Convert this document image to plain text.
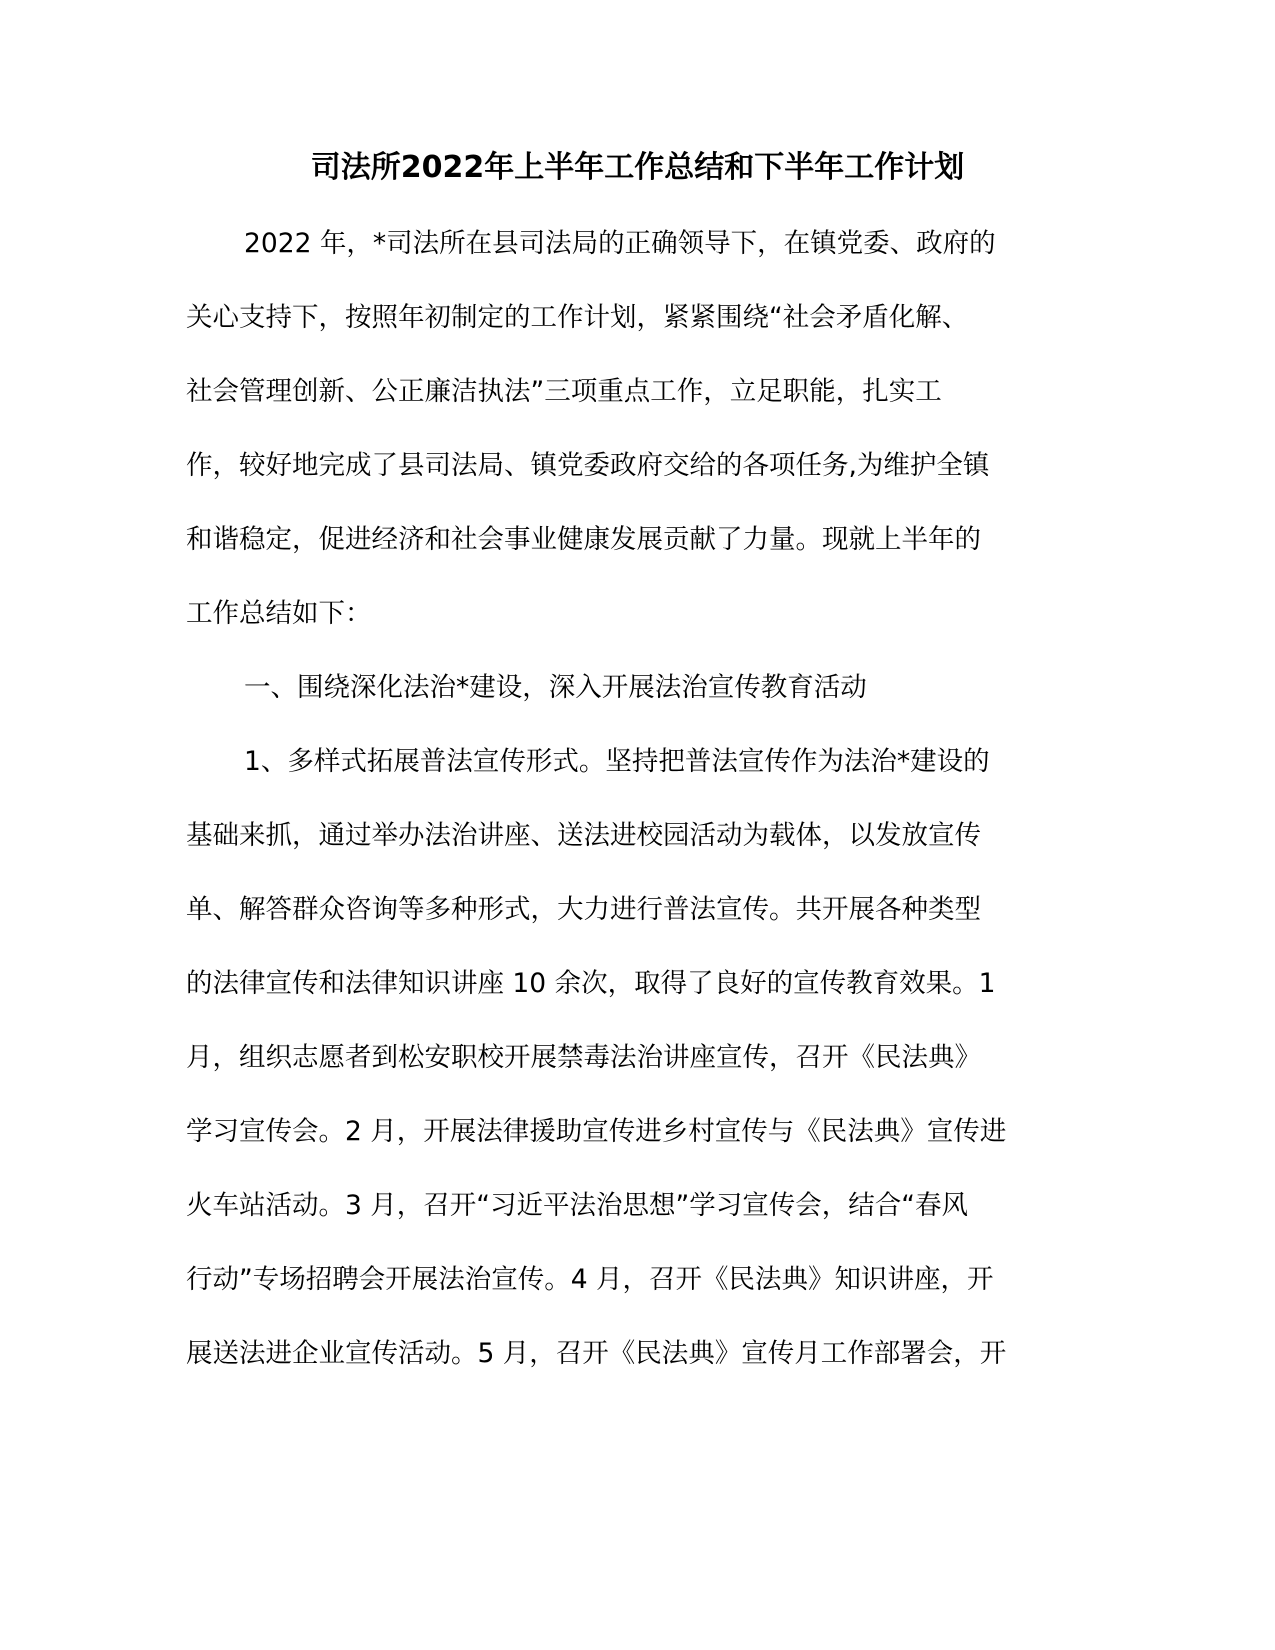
司法所2022年上半年工作总结和下半年工作计划
2022 年，*司法所在县司法局的正确领导下，在镇党委、政府的
关心支持下，按照年初制定的工作计划，紧紧围绕“社会矛盾化解、
社会管理创新、公正廉洁执法”三项重点工作，立足职能，扎实工
作，较好地完成了县司法局、镇党委政府交给的各项任务,为维护全镇
和谐稳定，促进经济和社会事业健康发展贡献了力量。现就上半年的
工作总结如下：
一、围绕深化法治*建设，深入开展法治宣传教育活动
1、多样式拓展普法宣传形式。坚持把普法宣传作为法治*建设的
基础来抓，通过举办法治讲座、送法进校园活动为载体，以发放宣传
单、解答群众咨询等多种形式，大力进行普法宣传。共开展各种类型
的法律宣传和法律知识讲座 10 余次，取得了良好的宣传教育效果。1
月，组织志愿者到松安职校开展禁毒法治讲座宣传，召开《民法典》
学习宣传会。2 月，开展法律援助宣传进乡村宣传与《民法典》宣传进
火车站活动。3 月，召开“习近平法治思想”学习宣传会，结合“春风
行动”专场招聘会开展法治宣传。4 月，召开《民法典》知识讲座，开
展送法进企业宣传活动。5 月，召开《民法典》宣传月工作部署会，开
